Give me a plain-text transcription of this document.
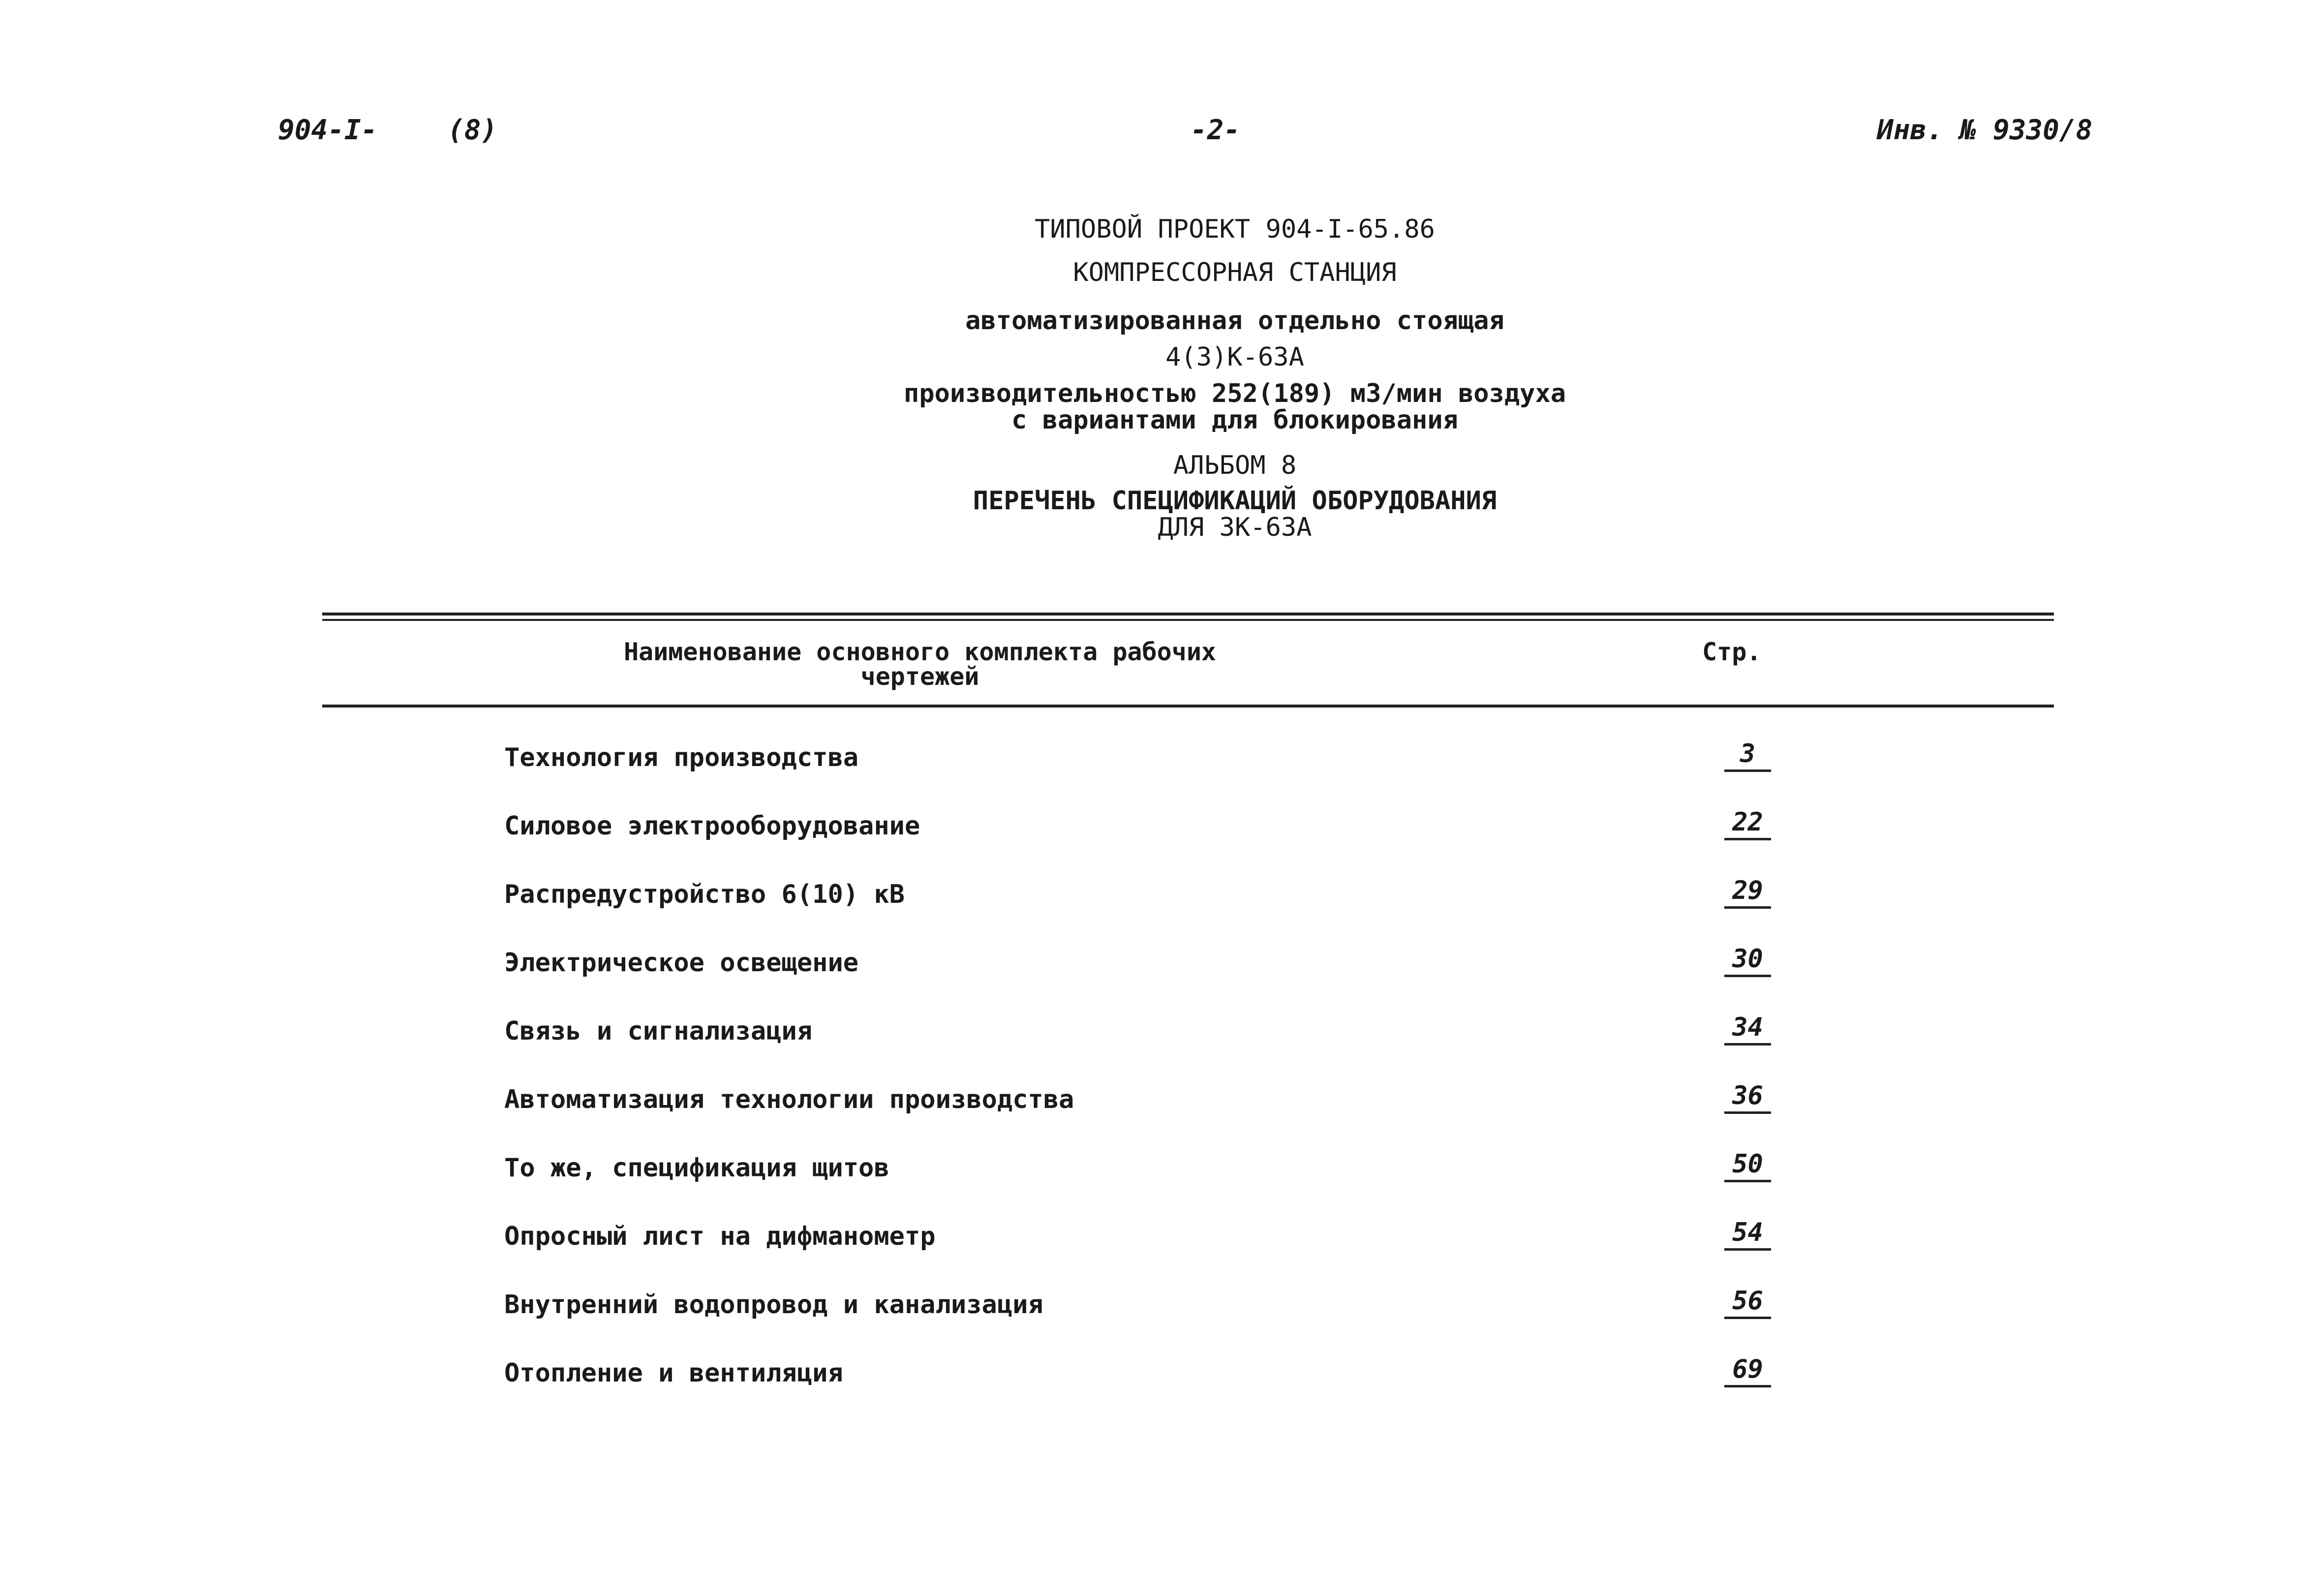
904-I-	(8)	-2-	Инв. № 9330/8
ТИПОВОЙ ПРОЕКТ 904-I-65.86
КОМПРЕССОРНАЯ СТАНЦИЯ
автоматизированная отдельно стоящая
4(3)К-63А
производительностью 252(189) м3/мин воздуха
с вариантами для блокирования
АЛЬБОМ 8
ПЕРЕЧЕНЬ СПЕЦИФИКАЦИЙ ОБОРУДОВАНИЯ
ДЛЯ 3К-63А
Наименование основного комплекта рабочих
чертежей
Стр.
Технология производства	3
Силовое электрооборудование	22
Распредустройство 6(10) кВ	29
Электрическое освещение	30
Связь и сигнализация	34
Автоматизация технологии производства	36
То же, спецификация щитов	50
Опросный лист на дифманометр	54
Внутренний водопровод и канализация	56
Отопление и вентиляция	69
